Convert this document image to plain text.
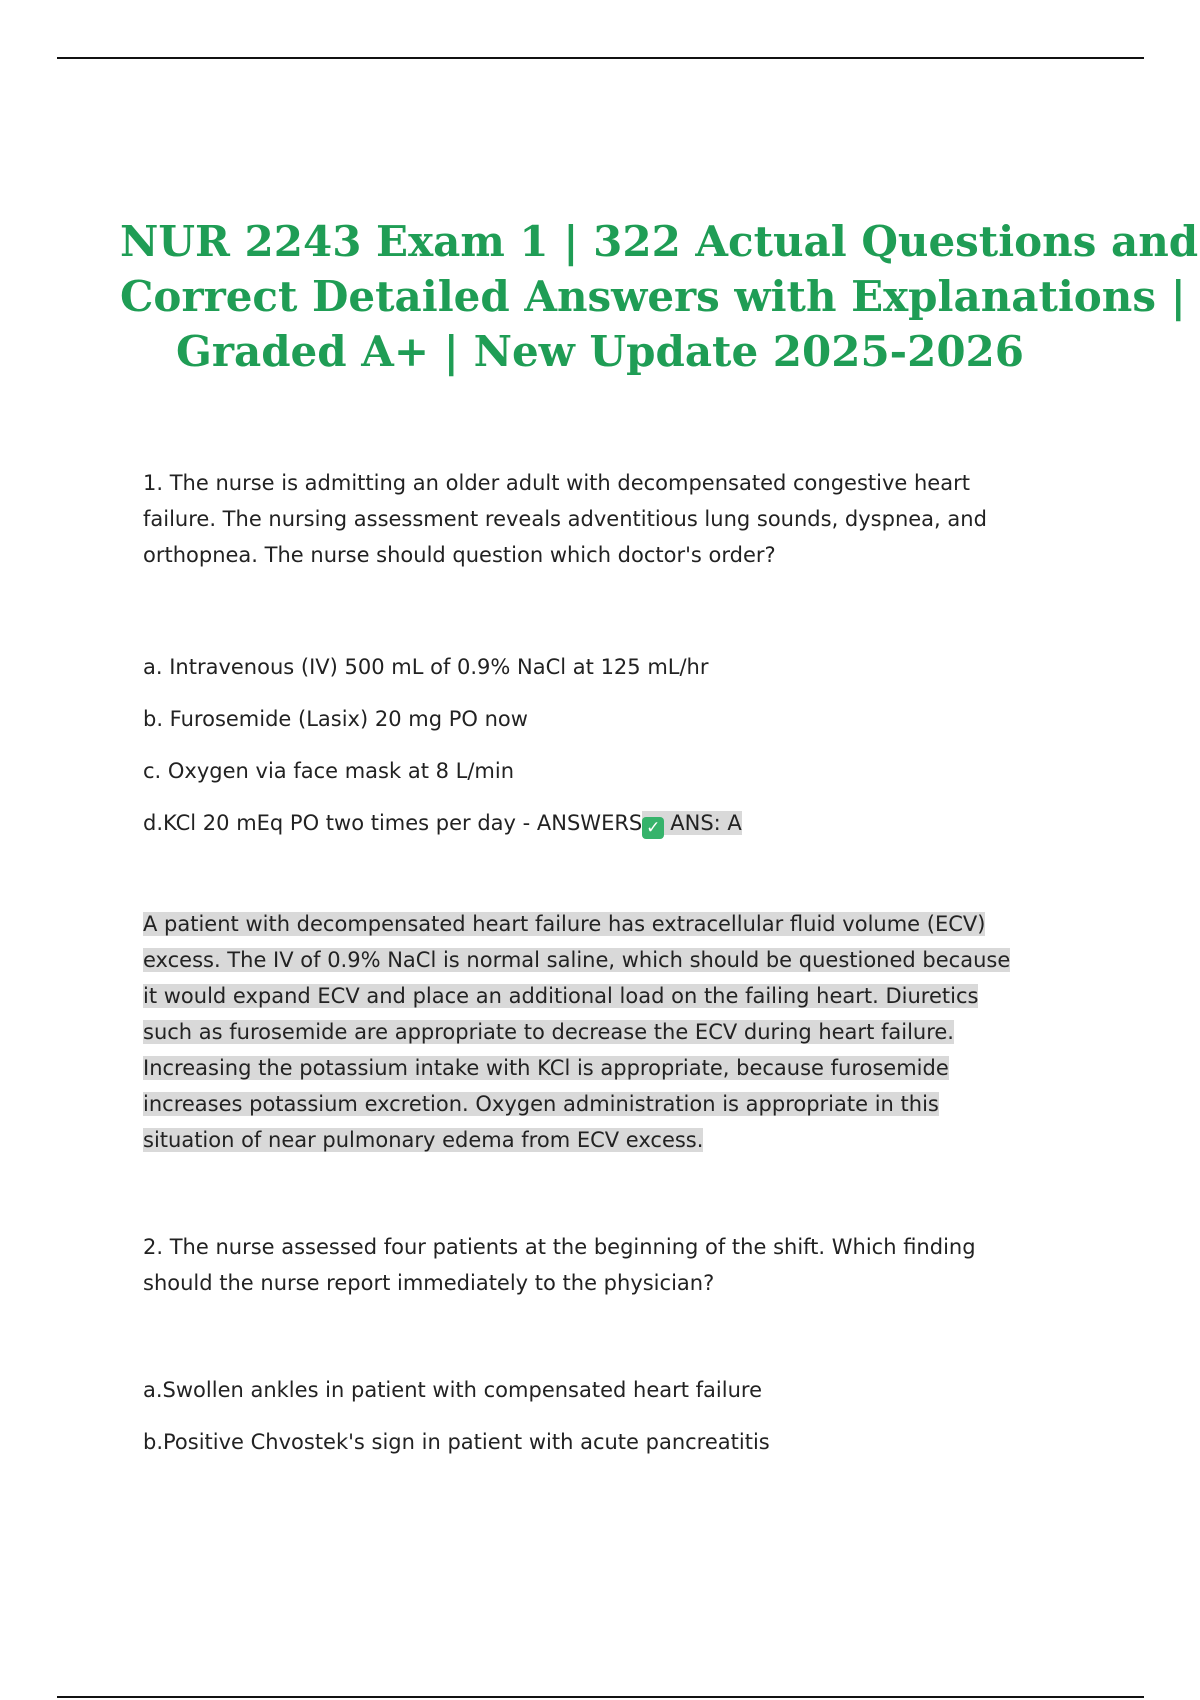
NUR 2243 Exam 1 | 322 Actual Questions and
Correct Detailed Answers with Explanations |
Graded A+ | New Update 2025-2026
1. The nurse is admitting an older adult with decompensated congestive heart
failure. The nursing assessment reveals adventitious lung sounds, dyspnea, and
orthopnea. The nurse should question which doctor's order?
a. Intravenous (IV) 500 mL of 0.9% NaCl at 125 mL/hr
b. Furosemide (Lasix) 20 mg PO now
c. Oxygen via face mask at 8 L/min
d.KCl 20 mEq PO two times per day - ANSWERS ✓ ANS: A
A patient with decompensated heart failure has extracellular fluid volume (ECV)
excess. The IV of 0.9% NaCl is normal saline, which should be questioned because
it would expand ECV and place an additional load on the failing heart. Diuretics
such as furosemide are appropriate to decrease the ECV during heart failure.
Increasing the potassium intake with KCl is appropriate, because furosemide
increases potassium excretion. Oxygen administration is appropriate in this
situation of near pulmonary edema from ECV excess.
2. The nurse assessed four patients at the beginning of the shift. Which finding
should the nurse report immediately to the physician?
a.Swollen ankles in patient with compensated heart failure
b.Positive Chvostek's sign in patient with acute pancreatitis
